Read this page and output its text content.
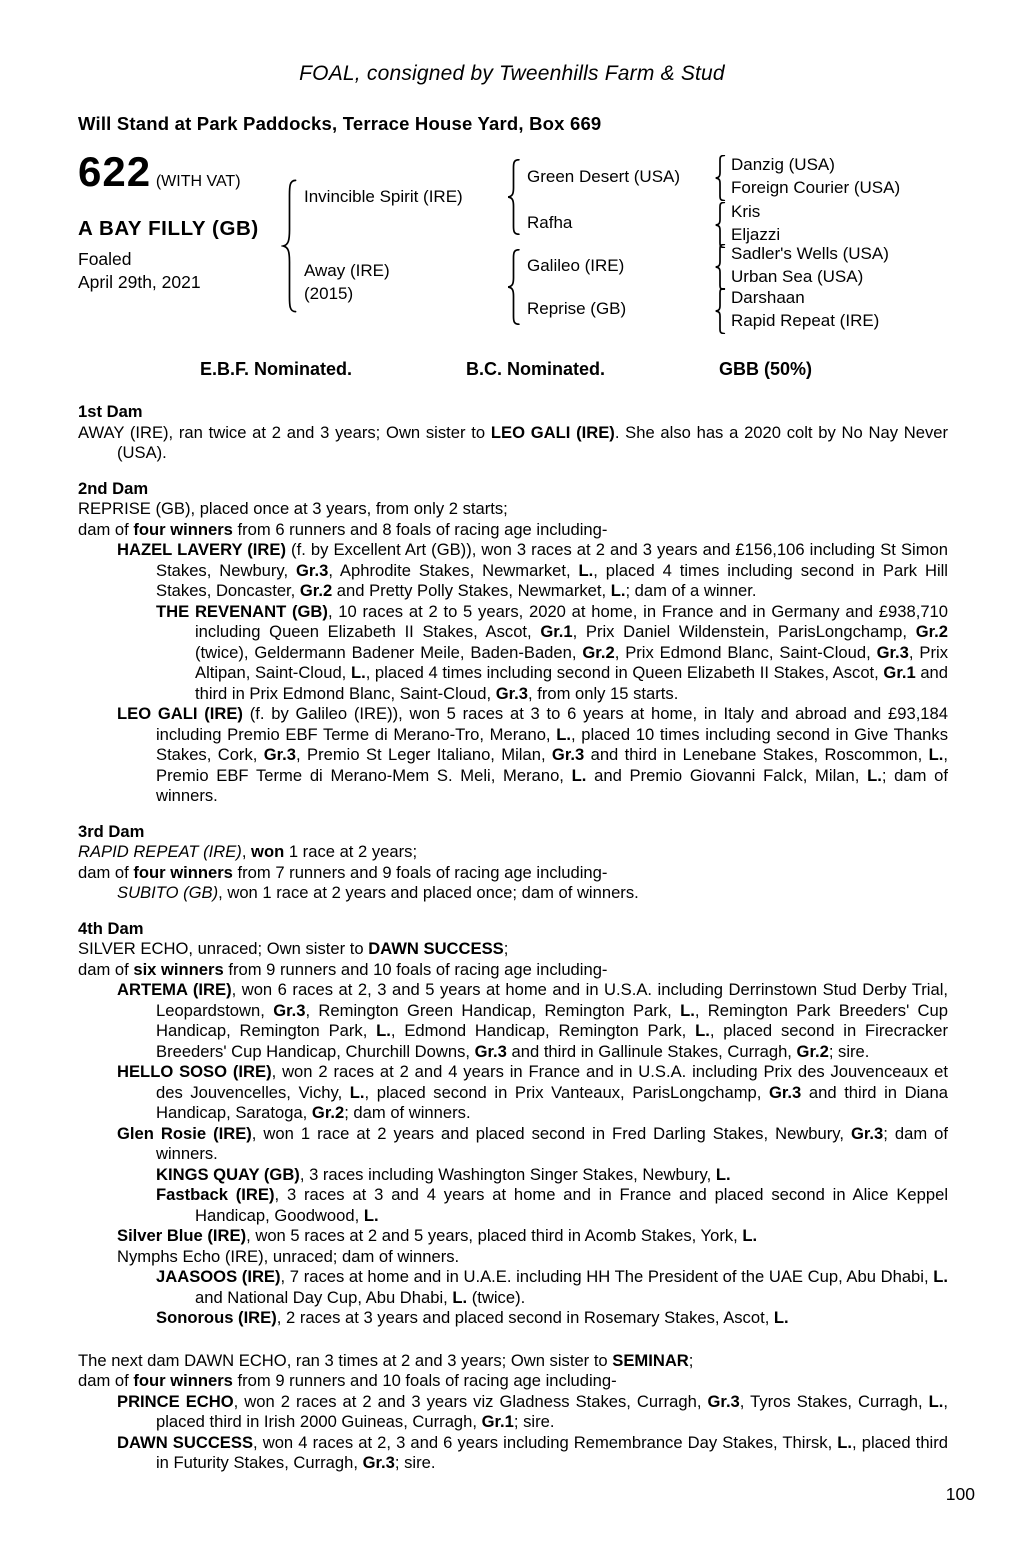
FOAL, consigned by Tweenhills Farm & Stud
Will Stand at Park Paddocks, Terrace House Yard, Box 669
622 (WITH VAT)
A BAY FILLY (GB)
Foaled
April 29th, 2021
Invincible Spirit (IRE)
Away (IRE)
(2015)
Green Desert (USA)
Rafha
Galileo (IRE)
Reprise (GB)
Danzig (USA)
Foreign Courier (USA)
Kris
Eljazzi
Sadler's Wells (USA)
Urban Sea (USA)
Darshaan
Rapid Repeat (IRE)
E.B.F. Nominated.	B.C. Nominated.	GBB (50%)
1st Dam

AWAY (IRE), ran twice at 2 and 3 years; Own sister to LEO GALI (IRE). She also has a 2020 colt by No Nay Never (USA).

2nd Dam

REPRISE (GB), placed once at 3 years, from only 2 starts;

dam of four winners from 6 runners and 8 foals of racing age including-

HAZEL LAVERY (IRE) (f. by Excellent Art (GB)), won 3 races at 2 and 3 years and £156,106 including St Simon Stakes, Newbury, Gr.3, Aphrodite Stakes, Newmarket, L., placed 4 times including second in Park Hill Stakes, Doncaster, Gr.2 and Pretty Polly Stakes, Newmarket, L.; dam of a winner.

THE REVENANT (GB), 10 races at 2 to 5 years, 2020 at home, in France and in Germany and £938,710 including Queen Elizabeth II Stakes, Ascot, Gr.1, Prix Daniel Wildenstein, ParisLongchamp, Gr.2 (twice), Geldermann Badener Meile, Baden-Baden, Gr.2, Prix Edmond Blanc, Saint-Cloud, Gr.3, Prix Altipan, Saint-Cloud, L., placed 4 times including second in Queen Elizabeth II Stakes, Ascot, Gr.1 and third in Prix Edmond Blanc, Saint-Cloud, Gr.3, from only 15 starts.

LEO GALI (IRE) (f. by Galileo (IRE)), won 5 races at 3 to 6 years at home, in Italy and abroad and £93,184 including Premio EBF Terme di Merano-Tro, Merano, L., placed 10 times including second in Give Thanks Stakes, Cork, Gr.3, Premio St Leger Italiano, Milan, Gr.3 and third in Lenebane Stakes, Roscommon, L., Premio EBF Terme di Merano-Mem S. Meli, Merano, L. and Premio Giovanni Falck, Milan, L.; dam of winners.

3rd Dam

RAPID REPEAT (IRE), won 1 race at 2 years;

dam of four winners from 7 runners and 9 foals of racing age including-

SUBITO (GB), won 1 race at 2 years and placed once; dam of winners.

4th Dam

SILVER ECHO, unraced; Own sister to DAWN SUCCESS;

dam of six winners from 9 runners and 10 foals of racing age including-

ARTEMA (IRE), won 6 races at 2, 3 and 5 years at home and in U.S.A. including Derrinstown Stud Derby Trial, Leopardstown, Gr.3, Remington Green Handicap, Remington Park, L., Remington Park Breeders' Cup Handicap, Remington Park, L., Edmond Handicap, Remington Park, L., placed second in Firecracker Breeders' Cup Handicap, Churchill Downs, Gr.3 and third in Gallinule Stakes, Curragh, Gr.2; sire.

HELLO SOSO (IRE), won 2 races at 2 and 4 years in France and in U.S.A. including Prix des Jouvenceaux et des Jouvencelles, Vichy, L., placed second in Prix Vanteaux, ParisLongchamp, Gr.3 and third in Diana Handicap, Saratoga, Gr.2; dam of winners.

Glen Rosie (IRE), won 1 race at 2 years and placed second in Fred Darling Stakes, Newbury, Gr.3; dam of winners.

KINGS QUAY (GB), 3 races including Washington Singer Stakes, Newbury, L.

Fastback (IRE), 3 races at 3 and 4 years at home and in France and placed second in Alice Keppel Handicap, Goodwood, L.

Silver Blue (IRE), won 5 races at 2 and 5 years, placed third in Acomb Stakes, York, L.

Nymphs Echo (IRE), unraced; dam of winners.

JAASOOS (IRE), 7 races at home and in U.A.E. including HH The President of the UAE Cup, Abu Dhabi, L. and National Day Cup, Abu Dhabi, L. (twice).

Sonorous (IRE), 2 races at 3 years and placed second in Rosemary Stakes, Ascot, L.

The next dam DAWN ECHO, ran 3 times at 2 and 3 years; Own sister to SEMINAR;

dam of four winners from 9 runners and 10 foals of racing age including-

PRINCE ECHO, won 2 races at 2 and 3 years viz Gladness Stakes, Curragh, Gr.3, Tyros Stakes, Curragh, L., placed third in Irish 2000 Guineas, Curragh, Gr.1; sire.

DAWN SUCCESS, won 4 races at 2, 3 and 6 years including Remembrance Day Stakes, Thirsk, L., placed third in Futurity Stakes, Curragh, Gr.3; sire.

100
